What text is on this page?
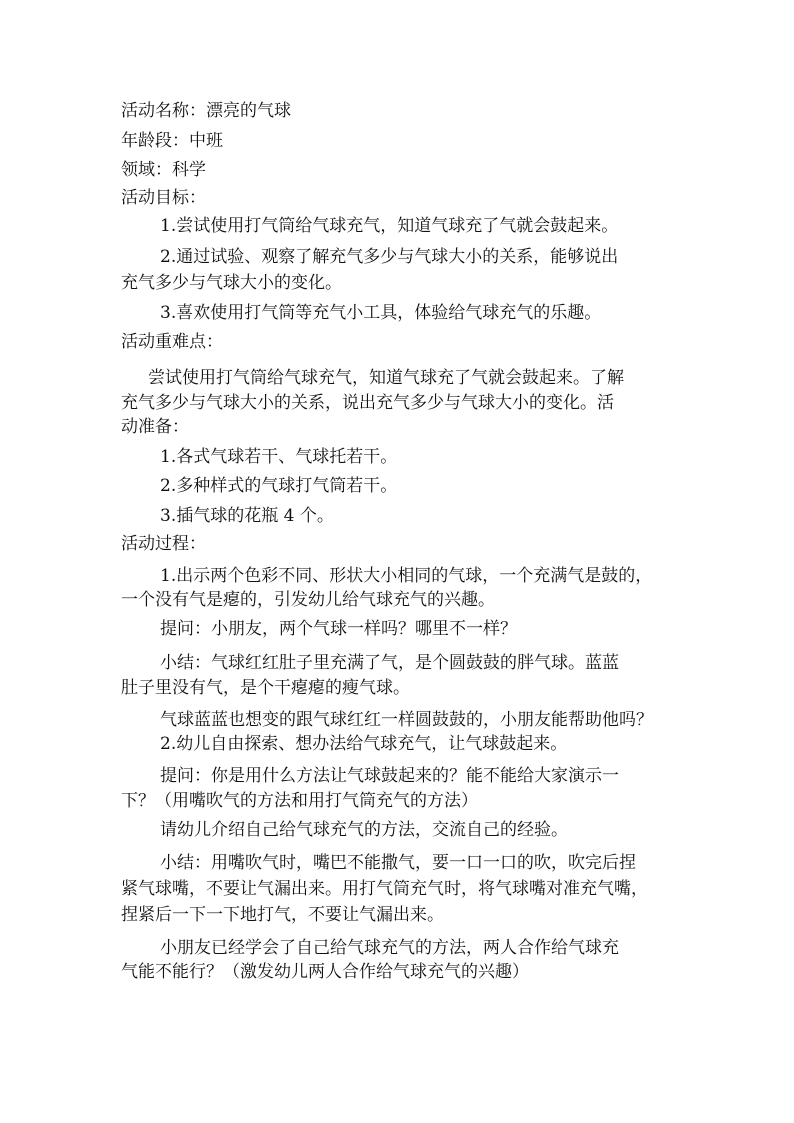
活动名称：漂亮的气球

年龄段：中班

领域：科学

活动目标：

1.尝试使用打气筒给气球充气，知道气球充了气就会鼓起来。

2.通过试验、观察了解充气多少与气球大小的关系，能够说出

充气多少与气球大小的变化。

3.喜欢使用打气筒等充气小工具，体验给气球充气的乐趣。

活动重难点：

尝试使用打气筒给气球充气，知道气球充了气就会鼓起来。了解

充气多少与气球大小的关系，说出充气多少与气球大小的变化。活

动准备：

1.各式气球若干、气球托若干。

2.多种样式的气球打气筒若干。

3.插气球的花瓶 4 个。

活动过程：

1.出示两个色彩不同、形状大小相同的气球，一个充满气是鼓的，

一个没有气是瘪的，引发幼儿给气球充气的兴趣。

提问：小朋友，两个气球一样吗？哪里不一样？

小结：气球红红肚子里充满了气，是个圆鼓鼓的胖气球。蓝蓝

肚子里没有气，是个干瘪瘪的瘦气球。

气球蓝蓝也想变的跟气球红红一样圆鼓鼓的，小朋友能帮助他吗？

2.幼儿自由探索、想办法给气球充气，让气球鼓起来。

提问：你是用什么方法让气球鼓起来的？能不能给大家演示一

下？（用嘴吹气的方法和用打气筒充气的方法）

请幼儿介绍自己给气球充气的方法，交流自己的经验。

小结：用嘴吹气时，嘴巴不能撒气，要一口一口的吹，吹完后捏

紧气球嘴，不要让气漏出来。用打气筒充气时，将气球嘴对准充气嘴，

捏紧后一下一下地打气，不要让气漏出来。

小朋友已经学会了自己给气球充气的方法，两人合作给气球充

气能不能行？（激发幼儿两人合作给气球充气的兴趣）
